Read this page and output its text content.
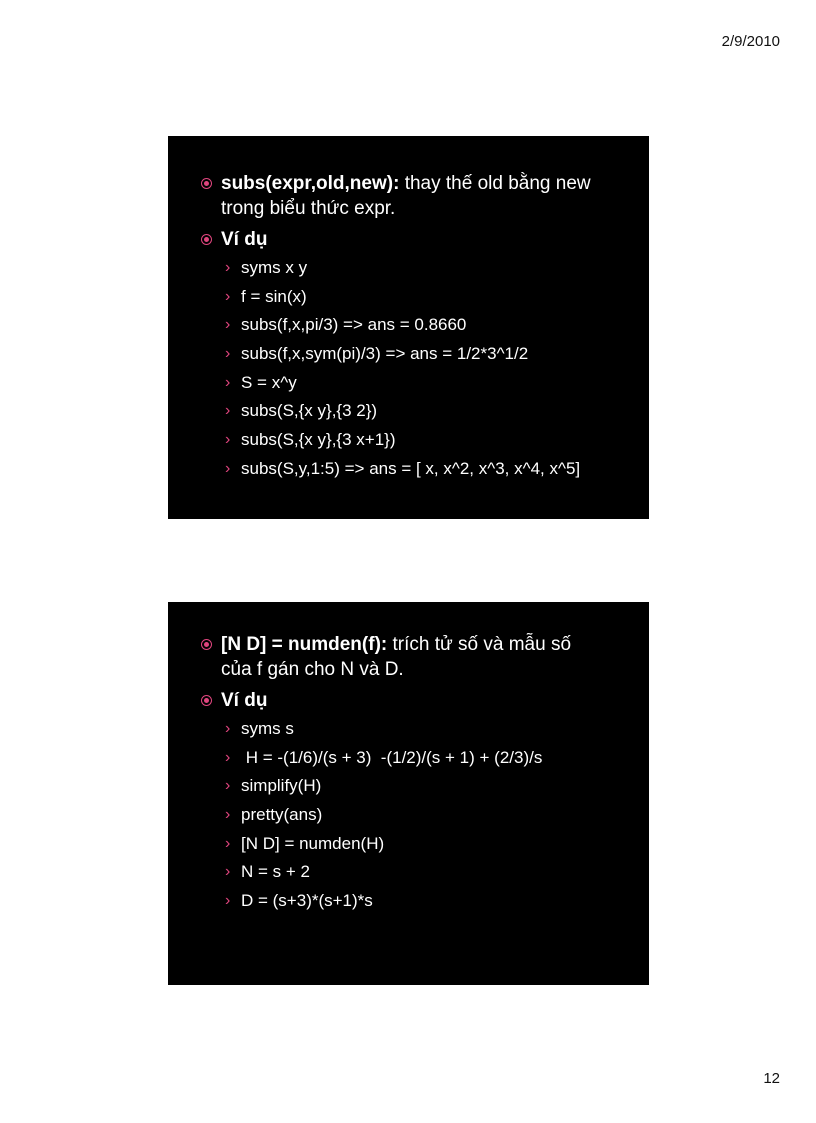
2/9/2010
subs(expr,old,new): thay thế old bằng new
trong biểu thức expr.
Ví dụ
› syms x y
› f = sin(x)
› subs(f,x,pi/3) => ans = 0.8660
› subs(f,x,sym(pi)/3) => ans = 1/2*3^1/2
› S = x^y
› subs(S,{x y},{3 2})
› subs(S,{x y},{3 x+1})
› subs(S,y,1:5) => ans = [ x, x^2, x^3, x^4, x^5]
[N D] = numden(f): trích tử số và mẫu số
của f gán cho N và D.
Ví dụ
› syms s
› H = -(1/6)/(s + 3)  -(1/2)/(s + 1) + (2/3)/s
› simplify(H)
› pretty(ans)
› [N D] = numden(H)
› N = s + 2
› D = (s+3)*(s+1)*s
12
